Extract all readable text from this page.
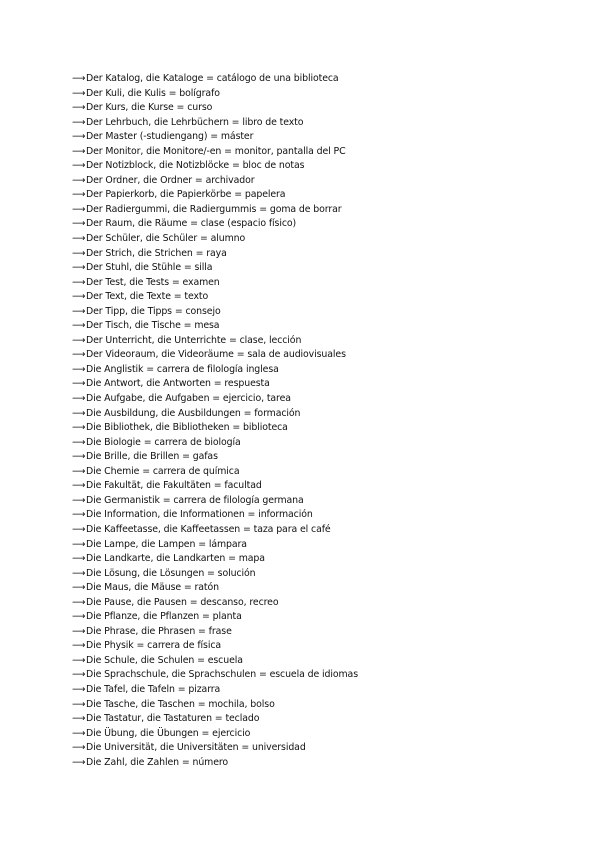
⟶Der Katalog, die Kataloge = catálogo de una biblioteca
⟶Der Kuli, die Kulis = bolígrafo
⟶Der Kurs, die Kurse = curso
⟶Der Lehrbuch, die Lehrbüchern = libro de texto
⟶Der Master (-studiengang) = máster
⟶Der Monitor, die Monitore/-en = monitor, pantalla del PC
⟶Der Notizblock, die Notizblöcke = bloc de notas
⟶Der Ordner, die Ordner = archivador
⟶Der Papierkorb, die Papierkörbe = papelera
⟶Der Radiergummi, die Radiergummis = goma de borrar
⟶Der Raum, die Räume = clase (espacio físico)
⟶Der Schüler, die Schüler = alumno
⟶Der Strich, die Strichen = raya
⟶Der Stuhl, die Stühle = silla
⟶Der Test, die Tests = examen
⟶Der Text, die Texte = texto
⟶Der Tipp, die Tipps = consejo
⟶Der Tisch, die Tische = mesa
⟶Der Unterricht, die Unterrichte = clase, lección
⟶Der Videoraum, die Videoräume = sala de audiovisuales
⟶Die Anglistik = carrera de filología inglesa
⟶Die Antwort, die Antworten = respuesta
⟶Die Aufgabe, die Aufgaben = ejercicio, tarea
⟶Die Ausbildung, die Ausbildungen = formación
⟶Die Bibliothek, die Bibliotheken = biblioteca
⟶Die Biologie = carrera de biología
⟶Die Brille, die Brillen = gafas
⟶Die Chemie = carrera de química
⟶Die Fakultät, die Fakultäten = facultad
⟶Die Germanistik = carrera de filología germana
⟶Die Information, die Informationen = información
⟶Die Kaffeetasse, die Kaffeetassen = taza para el café
⟶Die Lampe, die Lampen = lámpara
⟶Die Landkarte, die Landkarten = mapa
⟶Die Lösung, die Lösungen = solución
⟶Die Maus, die Mäuse = ratón
⟶Die Pause, die Pausen = descanso, recreo
⟶Die Pflanze, die Pflanzen = planta
⟶Die Phrase, die Phrasen = frase
⟶Die Physik = carrera de física
⟶Die Schule, die Schulen = escuela
⟶Die Sprachschule, die Sprachschulen = escuela de idiomas
⟶Die Tafel, die Tafeln = pizarra
⟶Die Tasche, die Taschen = mochila, bolso
⟶Die Tastatur, die Tastaturen = teclado
⟶Die Übung, die Übungen = ejercicio
⟶Die Universität, die Universitäten = universidad
⟶Die Zahl, die Zahlen = número
